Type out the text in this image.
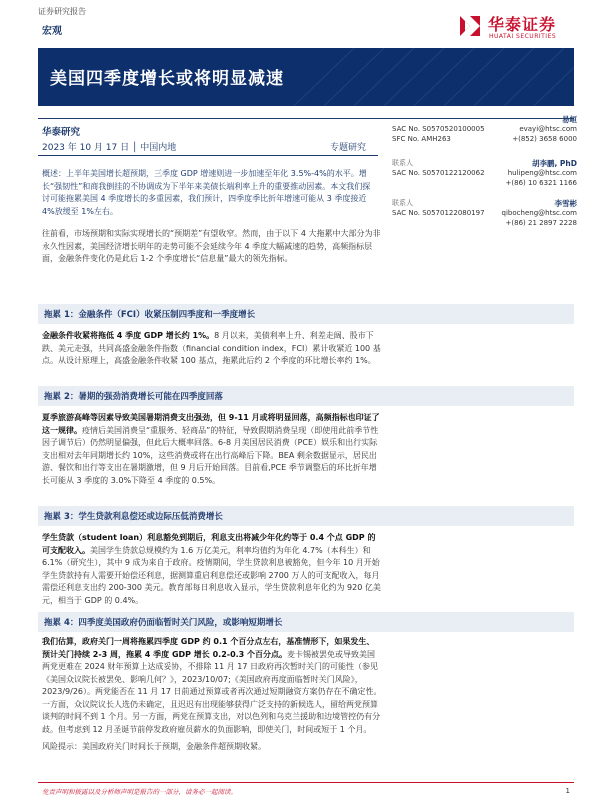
证券研究报告
宏观	华泰证券
HUATAI SECURITIES
美国四季度增长或将明显减速
华泰研究
2023 年 10 月 17 日 │ 中国内地	专题研究
易峘
SAC No. S0570520100005
SFC No. AMH263
evayi@htsc.com
+(852) 3658 6000
联系人	胡李鹏, PhD
SAC No. S0570122120062	hulipeng@htsc.com
+(86) 10 6321 1166
联系人	李雪彬
SAC No. S0570122080197 qibocheng@htsc.com
+(86) 21 2897 2228
概述：上半年美国增长超预期，三季度 GDP 增速则进一步加速至年化 3.5%-4%的水平。增长“强韧性”和商我倒挂的不协调成为下半年来美债长端利率上升的重要推动因素。本文我们探讨可能拖累美国 4 季度增长的多重因素，我们预计，四季度季比折年增速可能从 3 季度接近 4%放缓至 1%左右。
往前看，市场预期和实际实现增长的“预期差”有望收窄。然而，由于以下 4 大拖累中大部分为非永久性因素，美国经济增长明年的走势可能不会延续今年 4 季度大幅减速的趋势，高频指标层面，金融条件变化仍是此后 1-2 个季度增长“信息量”最大的领先指标。
拖累 1：金融条件（FCI）收紧压制四季度和一季度增长
金融条件收紧将拖低 4 季度 GDP 增长约 1%。8 月以来，美债利率上升、利差走阔、股市下跌、美元走强，共同高盛金融条件指数（financial condition index，FCI）累计收紧近 100 基点。从设计原理上，高盛金融条件收紧 100 基点，拖累此后约 2 个季度的环比增长率约 1%。
拖累 2：暑期的强劲消费增长可能在四季度回落
夏季旅游高峰等因素导致美国暑期消费支出强劲，但 9-11 月或将明显回落，高频指标也印证了这一规律。疫情后美国消费呈“重服务、轻商品”的特征，导致假期消费呈现（即使用此前季节性因子调节后）仍然明显偏强，但此后大概率回落。6-8 月美国居民消费（PCE）娱乐和出行实际支出相对去年同期增长约 10%，这些消费或将在出行高峰后下降。BEA 剩余数据显示，居民出游、餐饮和出行等支出在暑期激增，但 9 月后开始回落。目前看,PCE 季节调整后的环比折年增长可能从 3 季度的 3.0%下降至 4 季度的 0.5%。
拖累 3：学生贷款利息偿还或边际压低消费增长
学生贷款（student loan）利息豁免到期后，利息支出将减少年化约等于 0.4 个点 GDP 的可支配收入。美国学生贷款总规模约为 1.6 万亿美元，利率均值约为年化 4.7%（本科生）和 6.1%（研究生），其中 9 成为来自于政府。疫情期间，学生贷款利息被豁免，但今年 10 月开始学生贷款持有人需要开始偿还利息，据测算重启利息偿还或影响 2700 万人的可支配收入，每月需偿还利息支出约 200-300 美元。教育部每日利息收入显示，学生贷款利息年化约为 920 亿美元，相当于 GDP 的 0.4%。
拖累 4：四季度美国政府仍面临暂时关门风险，或影响短期增长
我们估算，政府关门一周将拖累四季度 GDP 约 0.1 个百分点左右，基准情形下，如果发生、预计关门持续 2-3 周，拖累 4 季度 GDP 增长 0.2-0.3 个百分点。麦卡锡被罢免或导致美国两党更难在 2024 财年预算上达成妥协，不排除 11 月 17 日政府再次暂时关门的可能性（参见《美国众议院长被罢免、影响几何？》，2023/10/07;《美国政府再度面临暂时关门风险》，2023/9/26）。两党能否在 11 月 17 日前通过预算或者再次通过短期融资方案仍存在不确定性。一方面，众议院议长人选仍未确定，且迟迟有出现能够获得广泛支持的新候选人，留给两党预算谈判的时间不到 1 个月。另一方面，两党在预算支出，对以色列和乌克兰援助和边境管控仍有分歧。但考虑到 12 月圣诞节前停发政府雇员薪水的负面影响，即使关门，时间或短于 1 个月。
风险提示：美国政府关门时间长于预期，金融条件超预期收紧。
免责声明和披露以及分析师声明是报告的一部分，请务必一起阅读。	1
